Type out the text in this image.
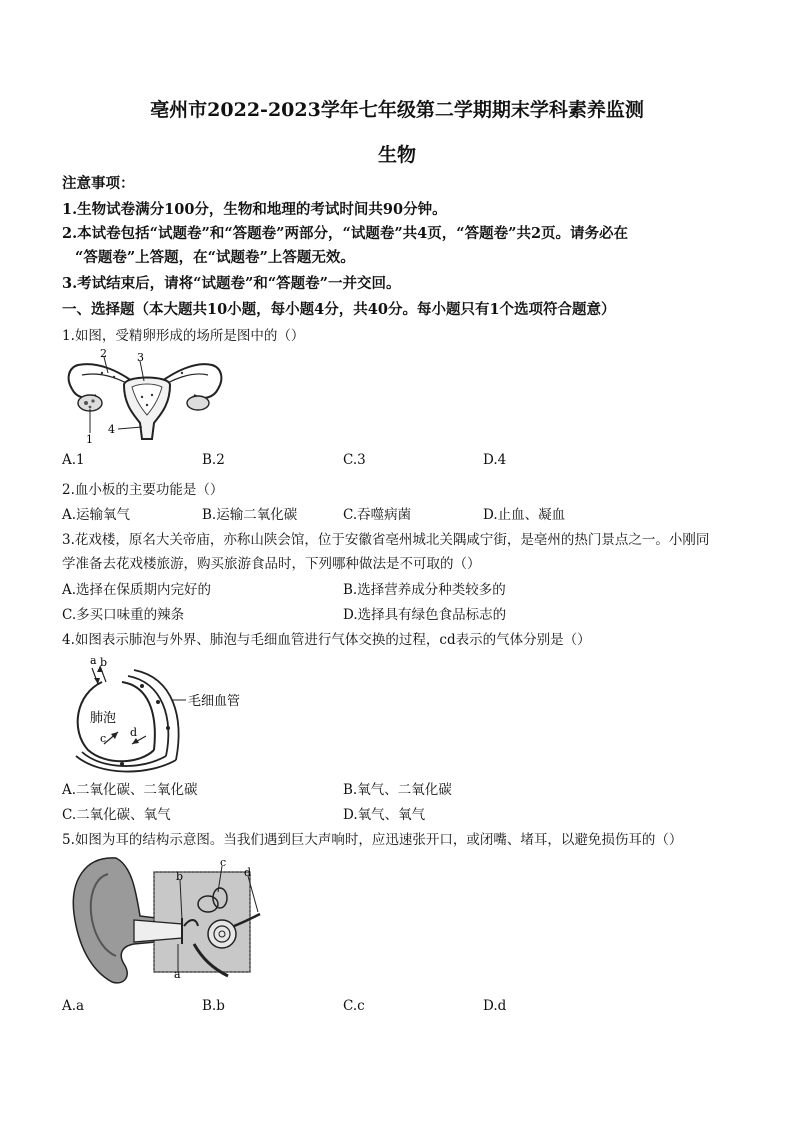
亳州市2022-2023学年七年级第二学期期末学科素养监测
生物
注意事项：
1.生物试卷满分100分，生物和地理的考试时间共90分钟。
2.本试卷包括“试题卷”和“答题卷”两部分，“试题卷”共4页，“答题卷”共2页。请务必在
“答题卷”上答题，在“试题卷”上答题无效。
3.考试结束后，请将“试题卷”和“答题卷”一并交回。
一、选择题（本大题共10小题，每小题4分，共40分。每小题只有1个选项符合题意）
1.如图，受精卵形成的场所是图中的（）
2	3
1
4
A.1	B.2	C.3	D.4
2.血小板的主要功能是（）
A.运输氧气	B.运输二氧化碳	C.吞噬病菌	D.止血、凝血
3.花戏楼，原名大关帝庙，亦称山陕会馆，位于安徽省亳州城北关隅咸宁街，是亳州的热门景点之一。小刚同
学准备去花戏楼旅游，购买旅游食品时，下列哪种做法是不可取的（）
A.选择在保质期内完好的	B.选择营养成分种类较多的
C.多买口味重的辣条	D.选择具有绿色食品标志的
4.如图表示肺泡与外界、肺泡与毛细血管进行气体交换的过程，cd表示的气体分别是（）
a b
c d
肺泡
毛细血管
A.二氧化碳、二氧化碳	B.氧气、二氧化碳
C.二氧化碳、氧气	D.氧气、氧气
5.如图为耳的结构示意图。当我们遇到巨大声响时，应迅速张开口，或闭嘴、堵耳，以避免损伤耳的（）
a
b
c
d
A.a	B.b	C.c	D.d
